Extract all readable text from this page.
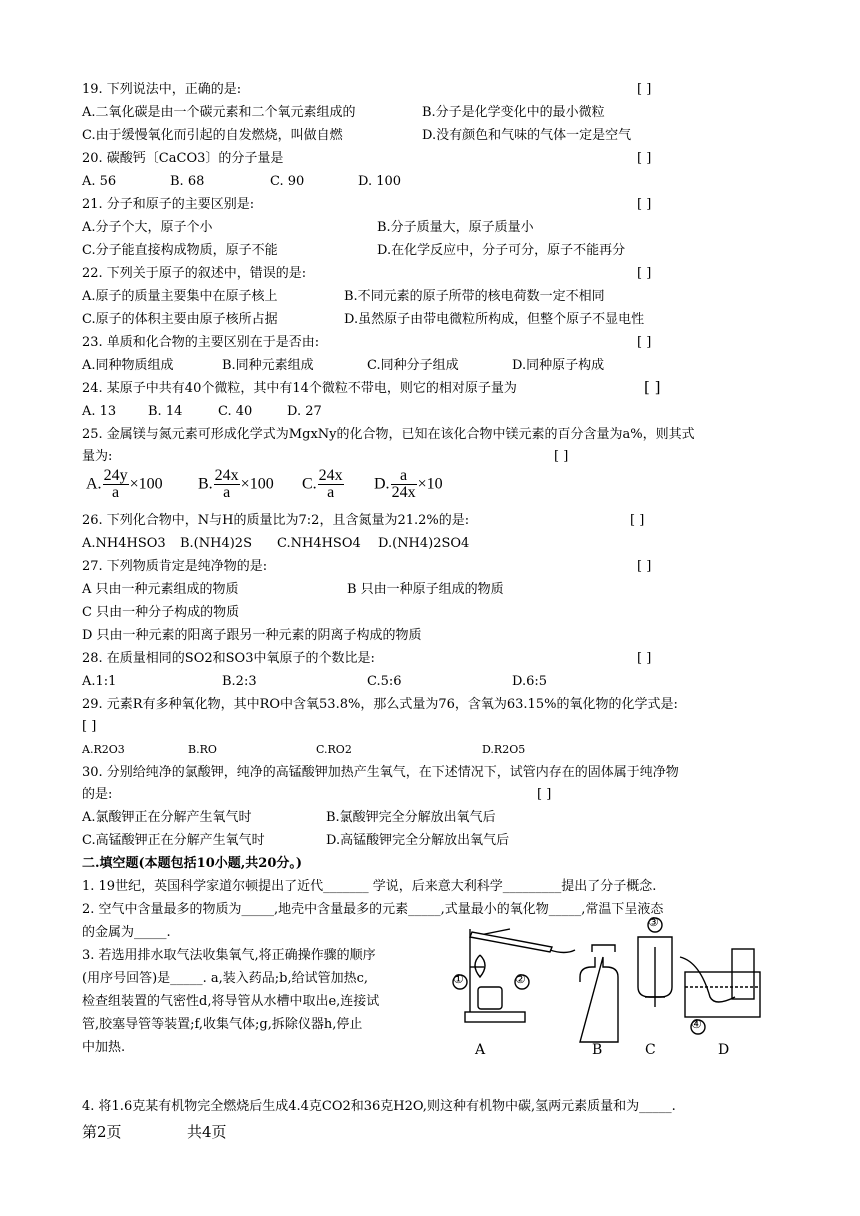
19. 下列说法中，正确的是:	[ ]
A.二氧化碳是由一个碳元素和二个氧元素组成的	B.分子是化学变化中的最小微粒
C.由于缓慢氧化而引起的自发燃烧，叫做自燃	D.没有颜色和气味的气体一定是空气
20. 碳酸钙〔CaCO3〕的分子量是	[ ]
A. 56	B. 68	C. 90	D. 100
21. 分子和原子的主要区别是:	[ ]
A.分子个大，原子个小	B.分子质量大，原子质量小
C.分子能直接构成物质，原子不能	D.在化学反应中，分子可分，原子不能再分
22. 下列关于原子的叙述中，错误的是:	[ ]
A.原子的质量主要集中在原子核上	B.不同元素的原子所带的核电荷数一定不相同
C.原子的体积主要由原子核所占据	D.虽然原子由带电微粒所构成，但整个原子不显电性
23. 单质和化合物的主要区别在于是否由:	[ ]
A.同种物质组成	B.同种元素组成	C.同种分子组成	D.同种原子构成
24. 某原子中共有40个微粒，其中有14个微粒不带电，则它的相对原子量为	[ ]
A. 13 B. 14	C. 40	D. 27
25. 金属镁与氮元素可形成化学式为MgxNy的化合物，已知在该化合物中镁元素的百分含量为a%，则其式
量为:	[ ]
A. $\frac{24y}{a} \times 100$ B. $\frac{24x}{a} \times 100$ C. $\frac{24x}{a} D$. $\frac{a}{24x} \times 10$
26. 下列化合物中，N与H的质量比为7:2，且含氮量为21.2%的是:	[ ]
A.NH4HSO3 B.(NH4)2S C.NH4HSO4 D.(NH4)2SO4
27. 下列物质肯定是纯净物的是:	[ ]
A 只由一种元素组成的物质	B 只由一种原子组成的物质
C 只由一种分子构成的物质
D 只由一种元素的阳离子跟另一种元素的阴离子构成的物质
28. 在质量相同的SO2和SO3中氧原子的个数比是:	[ ]
A.1:1	B.2:3	C.5:6	D.6:5
29. 元素R有多种氧化物，其中RO中含氧53.8%，那么式量为76，含氧为63.15%的氧化物的化学式是:
[ ]
A.R2O3	B.RO	C.RO2	D.R2O5
30. 分别给纯净的氯酸钾，纯净的高锰酸钾加热产生氧气，在下述情况下，试管内存在的固体属于纯净物
的是:	[ ]
A.氯酸钾正在分解产生氧气时	B.氯酸钾完全分解放出氧气后
C.高锰酸钾正在分解产生氧气时	D.高锰酸钾完全分解放出氧气后
二.填空题(本题包括10小题,共20分。)
1. 19世纪，英国科学家道尔顿提出了近代_______ 学说，后来意大利科学_________提出了分子概念.
2. 空气中含量最多的物质为_____,地壳中含量最多的元素_____,式量最小的氧化物_____,常温下呈液态
的金属为_____.
3. 若选用排水取气法收集氧气,将正确操作骤的顺序
(用序号回答)是_____. a,装入药品;b,给试管加热c,
检查组装置的气密性d,将导管从水槽中取出e,连接试
管,胶塞导管等装置;f,收集气体;g,拆除仪器h,停止
中加热.
4. 将1.6克某有机物完全燃烧后生成4.4克CO2和36克H2O,则这种有机物中碳,氢两元素质量和为_____.
第2页	共4页
①	②
③
④
A	B	C	D
